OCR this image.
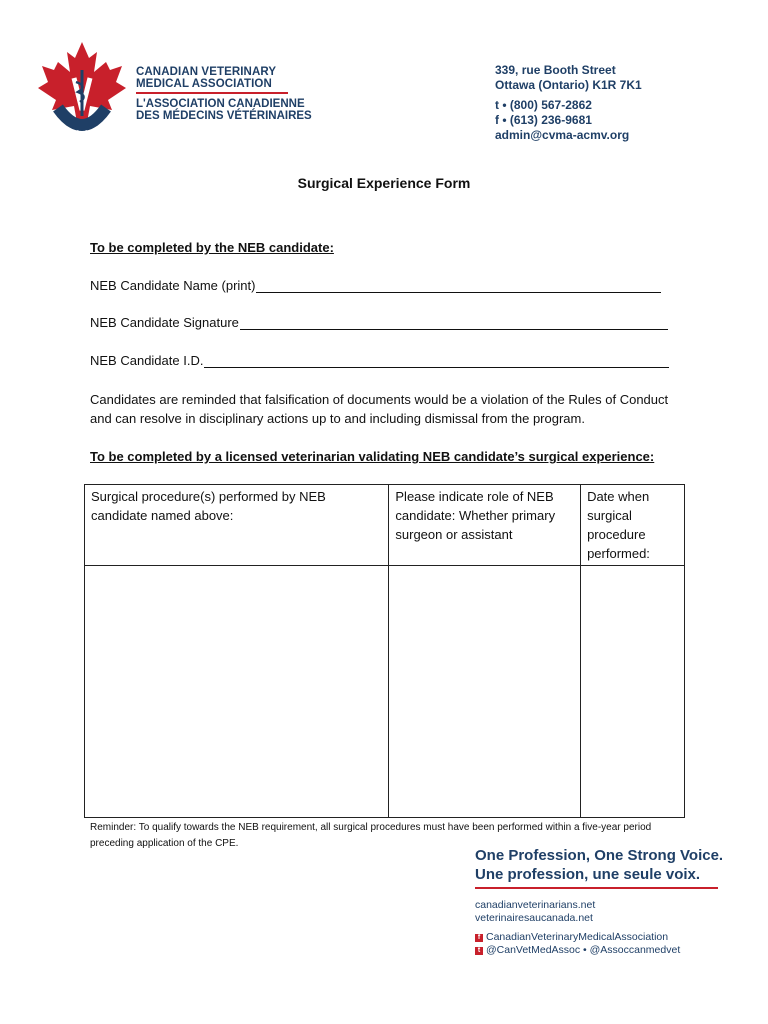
CVMA ACMV
CANADIAN VETERINARY
MEDICAL ASSOCIATION
L'ASSOCIATION CANADIENNE
DES MÉDECINS VÉTÉRINAIRES
339, rue Booth Street
Ottawa (Ontario) K1R 7K1
t • (800) 567-2862
f • (613) 236-9681
admin@cvma-acmv.org
Surgical Experience Form
To be completed by the NEB candidate:
NEB Candidate Name (print)
NEB Candidate Signature
NEB Candidate I.D.
Candidates are reminded that falsification of documents would be a violation of the Rules of Conduct and can resolve in disciplinary actions up to and including dismissal from the program.
To be completed by a licensed veterinarian validating NEB candidate’s surgical experience:
Surgical procedure(s) performed by NEB candidate named above:	Please indicate role of NEB candidate: Whether primary surgeon or assistant	Date when surgical procedure performed:

Reminder: To qualify towards the NEB requirement, all surgical procedures must have been performed within a five-year period preceding application of the CPE.
One Profession, One Strong Voice.
Une profession, une seule voix.
canadianveterinarians.net
veterinairesaucanada.net
f CanadianVeterinaryMedicalAssociation
t @CanVetMedAssoc • @Assoccanmedvet
